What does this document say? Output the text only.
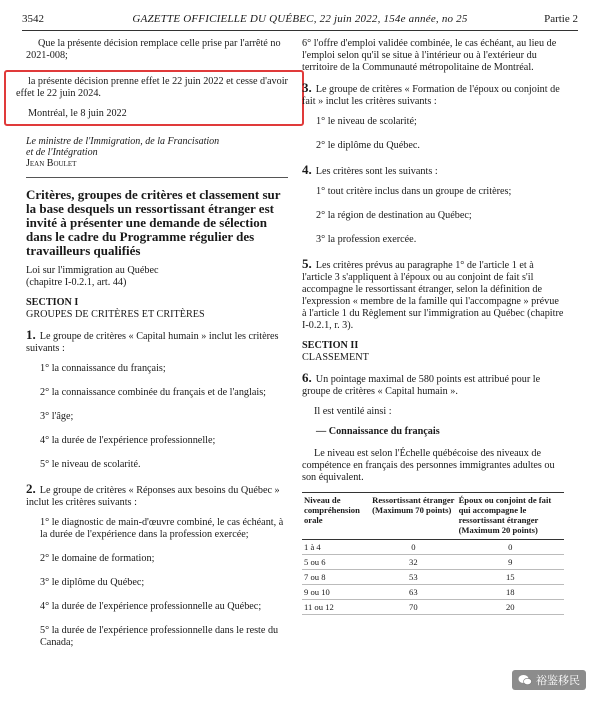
3542	GAZETTE OFFICIELLE DU QUÉBEC, 22 juin 2022, 154e année, no 25	Partie 2

Que la présente décision remplace celle prise par l'arrêté no 2021-008;

la présente décision prenne effet le 22 juin 2022 et cesse d'avoir effet le 22 juin 2024.

Montréal, le 8 juin 2022

Le ministre de l'Immigration, de la Francisation
et de l'Intégration
Jean Boulet
Critères, groupes de critères et classement sur la base desquels un ressortissant étranger est invité à présenter une demande de sélection dans le cadre du Programme régulier des travailleurs qualifiés
Loi sur l'immigration au Québec
(chapitre I-0.2.1, art. 44)
SECTION I
GROUPES DE CRITÈRES ET CRITÈRES

1. Le groupe de critères « Capital humain » inclut les critères suivants :

1° la connaissance du français;
2° la connaissance combinée du français et de l'anglais;
3° l'âge;
4° la durée de l'expérience professionnelle;
5° le niveau de scolarité.

2. Le groupe de critères « Réponses aux besoins du Québec » inclut les critères suivants :

1° le diagnostic de main-d'œuvre combiné, le cas échéant, à la durée de l'expérience dans la profession exercée;
2° le domaine de formation;
3° le diplôme du Québec;
4° la durée de l'expérience professionnelle au Québec;
5° la durée de l'expérience professionnelle dans le reste du Canada;

6° l'offre d'emploi validée combinée, le cas échéant, au lieu de l'emploi selon qu'il se situe à l'intérieur ou à l'extérieur du territoire de la Communauté métropolitaine de Montréal.

3. Le groupe de critères « Formation de l'époux ou conjoint de fait » inclut les critères suivants :

1° le niveau de scolarité;
2° le diplôme du Québec.

4. Les critères sont les suivants :

1° tout critère inclus dans un groupe de critères;
2° la région de destination au Québec;
3° la profession exercée.

5. Les critères prévus au paragraphe 1° de l'article 1 et à l'article 3 s'appliquent à l'époux ou au conjoint de fait s'il accompagne le ressortissant étranger, selon la définition de l'expression « membre de la famille qui l'accompagne » prévue à l'article 1 du Règlement sur l'immigration au Québec (chapitre I-0.2.1, r. 3).

SECTION II
CLASSEMENT

6. Un pointage maximal de 580 points est attribué pour le groupe de critères « Capital humain ».

Il est ventilé ainsi :

— Connaissance du français

Le niveau est selon l'Échelle québécoise des niveaux de compétence en français des personnes immigrantes adultes ou son équivalent.

Niveau de compréhension orale	Ressortissant étranger (Maximum 70 points)	Époux ou conjoint de fait qui accompagne le ressortissant étranger (Maximum 20 points)
1 à 4	0	0
5 ou 6	32	9
7 ou 8	53	15
9 ou 10	63	18
11 ou 12	70	20
裕鉴移民
